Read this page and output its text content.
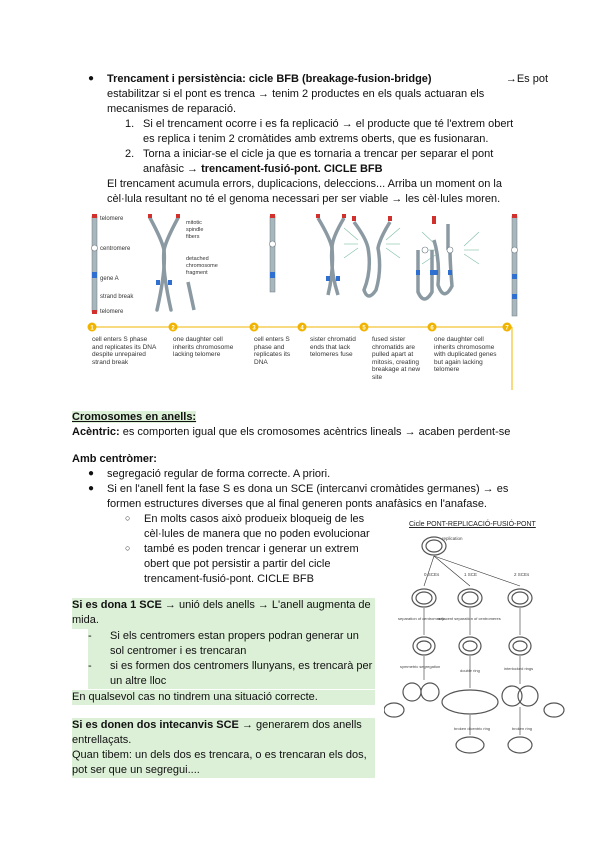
● Trencament i persistència: cicle BFB (breakage-fusion-bridge)	→Es pot

estabilitzar si el pont es trenca → tenim 2 productes en els quals actuaran els

mecanismes de reparació.

1. Si el trencament ocorre i es fa replicació → el producte que té l'extrem obert

es replica i tenim 2 cromàtides amb extrems oberts, que es fusionaran.

2. Torna a iniciar-se el cicle ja que es tornaria a trencar per separar el pont

anafàsic → trencament-fusió-pont. CICLE BFB

El trencament acumula errors, duplicacions, deleccions... Arriba un moment on la

cèl·lula resultant no té el genoma necessari per ser viable → les cèl·lules moren.

telomere
centromere
gene A
strand break
telomere
mitotic
spindle
fibers
detached
chromosome
fragment
1	2	3	4	5	6	7
cell enters S phase and replicates its DNA despite unrepaired strand break
one daughter cell inherits chromosome lacking telomere
cell enters S phase and replicates its DNA
sister chromatid ends that lack telomeres fuse
fused sister chromatids are pulled apart at mitosis, creating breakage at new site
one daughter cell inherits chromosome with duplicated genes but again lacking telomere

Cromosomes en anells:

Acèntric: es comporten igual que els cromosomes acèntrics lineals → acaben perdent-se

Amb centròmer:

● segregació regular de forma correcte. A priori.

● Si en l'anell fent la fase S es dona un SCE (intercanvi cromàtides germanes) → es

formen estructures diverses que al final generen ponts anafàsics en l'anafase.

○ En molts casos això produeix bloqueig de les

cèl·lules de manera que no poden evolucionar

○ també es poden trencar i generar un extrem

obert que pot persistir a partir del cicle

trencament-fusió-pont. CICLE BFB

Si es dona 1 SCE → unió dels anells → L'anell augmenta de

mida.

- Si els centromers estan propers podran generar un

sol centromer i es trencaran

- si es formen dos centromers llunyans, es trencarà per

un altre lloc

En qualsevol cas no tindrem una situació correcte.

Si es donen dos intecanvis SCE → generarem dos anells

entrellaçats.

Quan tibem: un dels dos es trencara, o es trencaran els dos,

pot ser que un segregui....

Cicle PONT-REPLICACIÓ-FUSIÓ-PONT
replication
0 SCEs	1 SCE	2 SCEs
separation of centromeres
adjacent separation of centromeres
symmetric segregation
double ring	interlocked rings
broken dicentric ring	broken ring
